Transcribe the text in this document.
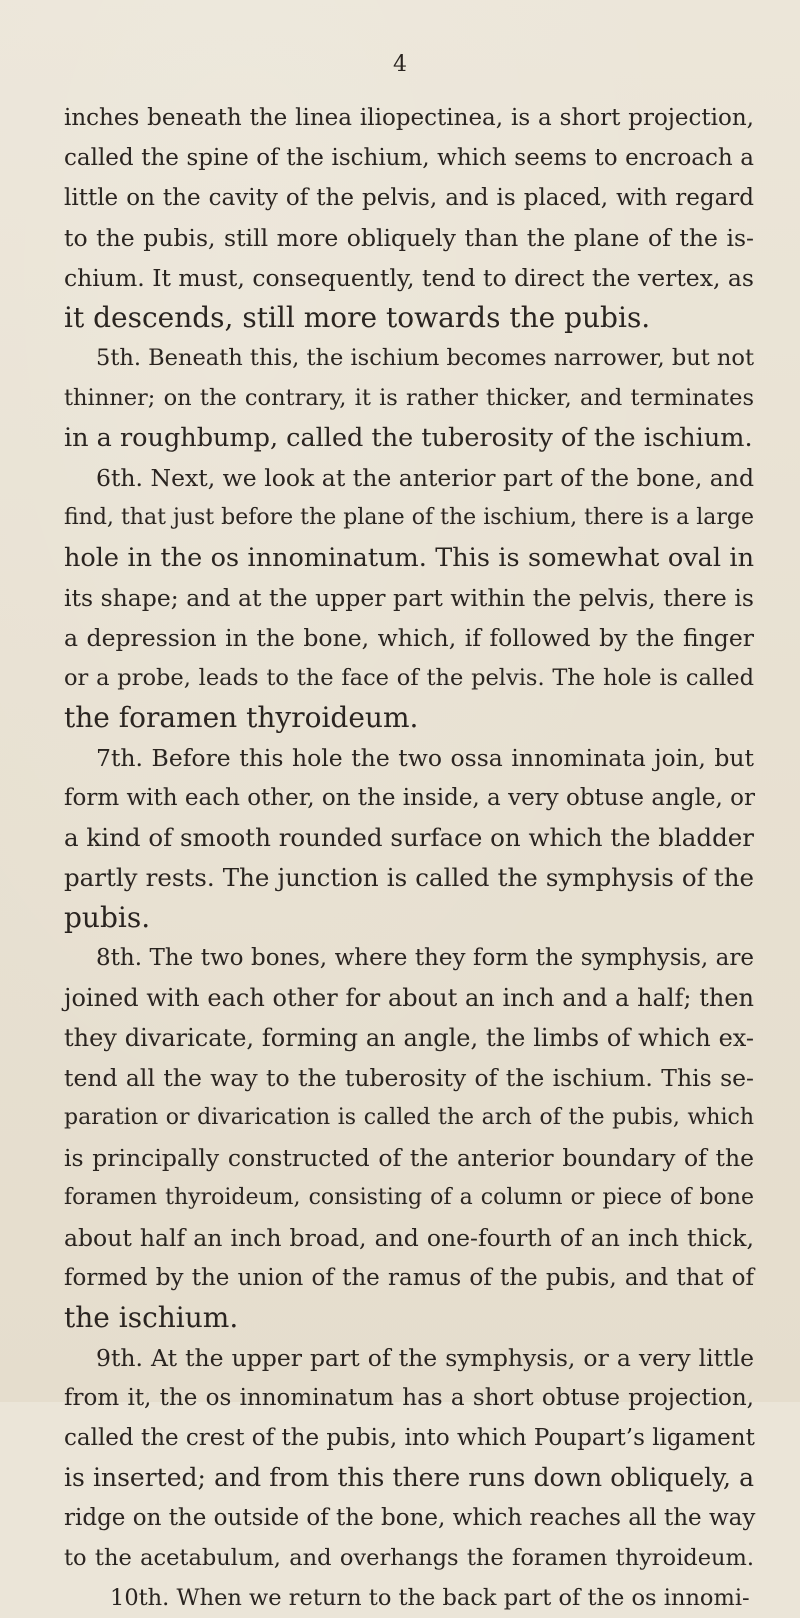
4
inches beneath the linea iliopectinea, is a short projection,
called the spine of the ischium, which seems to encroach a
little on the cavity of the pelvis, and is placed, with regard
to the pubis, still more obliquely than the plane of the is-
chium. It must, consequently, tend to direct the vertex, as
it descends, still more towards the pubis.
5th. Beneath this, the ischium becomes narrower, but not
thinner; on the contrary, it is rather thicker, and terminates
in a roughbump, called the tuberosity of the ischium.
6th. Next, we look at the anterior part of the bone, and
find, that just before the plane of the ischium, there is a large
hole in the os innominatum. This is somewhat oval in
its shape; and at the upper part within the pelvis, there is
a depression in the bone, which, if followed by the finger
or a probe, leads to the face of the pelvis. The hole is called
the foramen thyroideum.
7th. Before this hole the two ossa innominata join, but
form with each other, on the inside, a very obtuse angle, or
a kind of smooth rounded surface on which the bladder
partly rests. The junction is called the symphysis of the
pubis.
8th. The two bones, where they form the symphysis, are
joined with each other for about an inch and a half; then
they divaricate, forming an angle, the limbs of which ex-
tend all the way to the tuberosity of the ischium. This se-
paration or divarication is called the arch of the pubis, which
is principally constructed of the anterior boundary of the
foramen thyroideum, consisting of a column or piece of bone
about half an inch broad, and one-fourth of an inch thick,
formed by the union of the ramus of the pubis, and that of
the ischium.
9th. At the upper part of the symphysis, or a very little
from it, the os innominatum has a short obtuse projection,
called the crest of the pubis, into which Poupart’s ligament
is inserted; and from this there runs down obliquely, a
ridge on the outside of the bone, which reaches all the way
to the acetabulum, and overhangs the foramen thyroideum.
10th. When we return to the back part of the os innomi-
